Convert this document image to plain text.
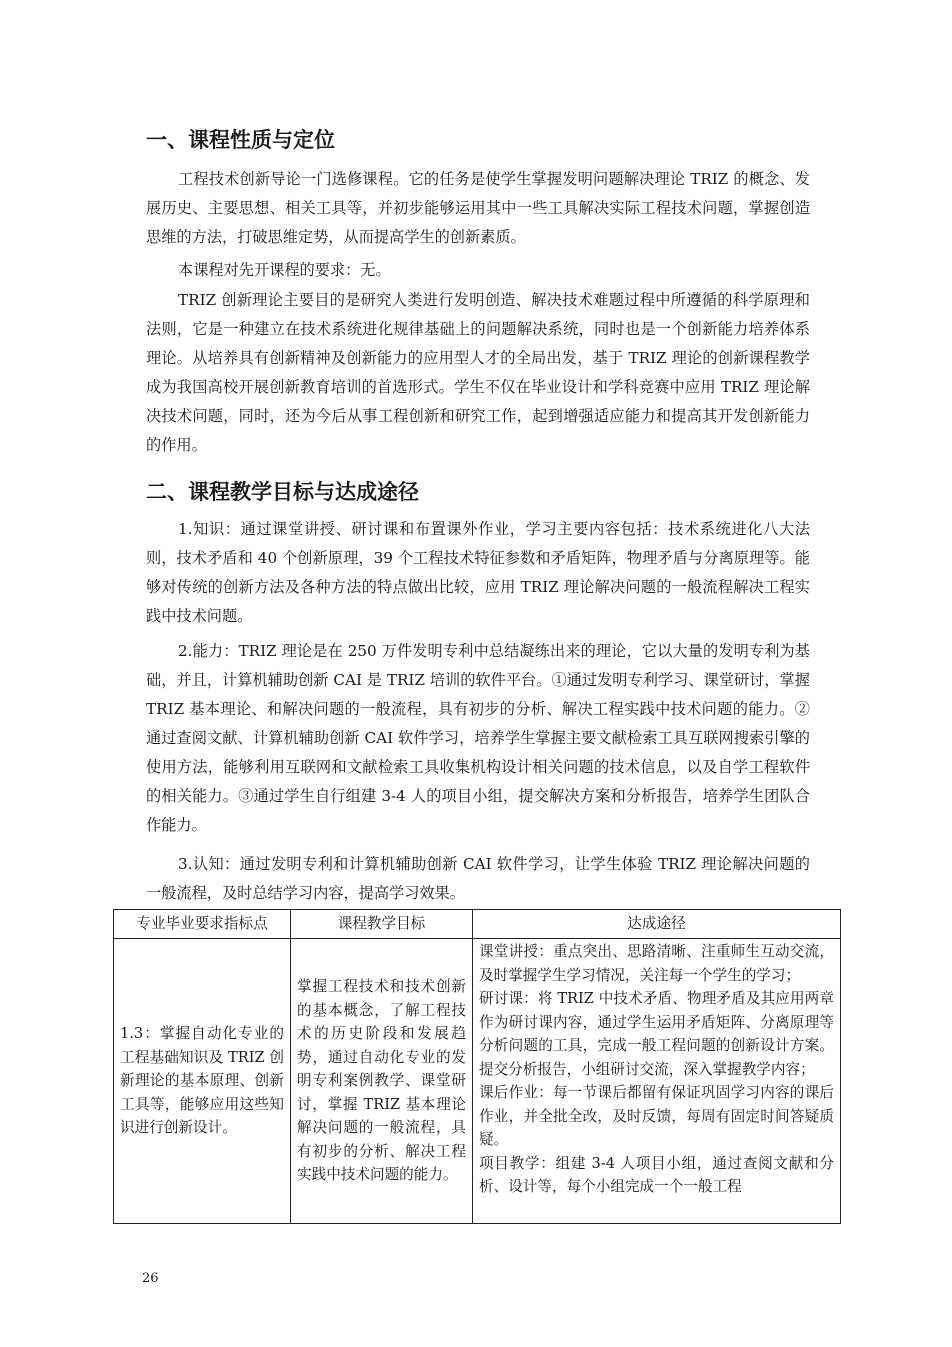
一、课程性质与定位

工程技术创新导论一门选修课程。它的任务是使学生掌握发明问题解决理论 TRIZ 的概念、发展历史、主要思想、相关工具等，并初步能够运用其中一些工具解决实际工程技术问题，掌握创造思维的方法，打破思维定势，从而提高学生的创新素质。

本课程对先开课程的要求：无。

TRIZ 创新理论主要目的是研究人类进行发明创造、解决技术难题过程中所遵循的科学原理和法则，它是一种建立在技术系统进化规律基础上的问题解决系统，同时也是一个创新能力培养体系理论。从培养具有创新精神及创新能力的应用型人才的全局出发，基于 TRIZ 理论的创新课程教学成为我国高校开展创新教育培训的首选形式。学生不仅在毕业设计和学科竞赛中应用 TRIZ 理论解决技术问题，同时，还为今后从事工程创新和研究工作，起到增强适应能力和提高其开发创新能力的作用。

二、课程教学目标与达成途径

1.知识：通过课堂讲授、研讨课和布置课外作业，学习主要内容包括：技术系统进化八大法则，技术矛盾和 40 个创新原理，39 个工程技术特征参数和矛盾矩阵，物理矛盾与分离原理等。能够对传统的创新方法及各种方法的特点做出比较，应用 TRIZ 理论解决问题的一般流程解决工程实践中技术问题。

2.能力：TRIZ 理论是在 250 万件发明专利中总结凝练出来的理论，它以大量的发明专利为基础，并且，计算机辅助创新 CAI 是 TRIZ 培训的软件平台。①通过发明专利学习、课堂研讨，掌握 TRIZ 基本理论、和解决问题的一般流程，具有初步的分析、解决工程实践中技术问题的能力。②通过查阅文献、计算机辅助创新 CAI 软件学习，培养学生掌握主要文献检索工具互联网搜索引擎的使用方法，能够利用互联网和文献检索工具收集机构设计相关问题的技术信息，以及自学工程软件的相关能力。③通过学生自行组建 3-4 人的项目小组，提交解决方案和分析报告，培养学生团队合作能力。

3.认知：通过发明专利和计算机辅助创新 CAI 软件学习，让学生体验 TRIZ 理论解决问题的一般流程，及时总结学习内容，提高学习效果。

专业毕业要求指标点	课程教学目标	达成途径
1.3：掌握自动化专业的工程基础知识及 TRIZ 创新理论的基本原理、创新工具等，能够应用这些知识进行创新设计。	掌握工程技术和技术创新的基本概念，了解工程技术的历史阶段和发展趋势，通过自动化专业的发明专利案例教学、课堂研讨，掌握 TRIZ 基本理论解决问题的一般流程，具有初步的分析、解决工程实践中技术问题的能力。	课堂讲授：重点突出、思路清晰、注重师生互动交流，及时掌握学生学习情况，关注每一个学生的学习；
研讨课：将 TRIZ 中技术矛盾、物理矛盾及其应用两章作为研讨课内容，通过学生运用矛盾矩阵、分离原理等分析问题的工具，完成一般工程问题的创新设计方案。提交分析报告，小组研讨交流，深入掌握教学内容；
课后作业：每一节课后都留有保证巩固学习内容的课后作业，并全批全改，及时反馈，每周有固定时间答疑质疑。
项目教学：组建 3-4 人项目小组，通过查阅文献和分析、设计等，每个小组完成一个一般工程
26
